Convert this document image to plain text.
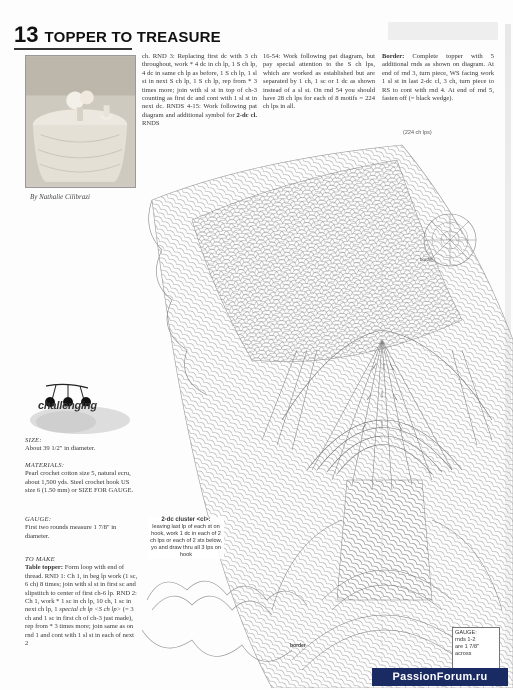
13 TOPPER TO TREASURE
By Nathalie Cilibrazi
ch. RND 3: Replacing first dc with 3 ch throughout, work * 4 dc in ch lp, 1 S ch lp, 4 dc in same ch lp as before, 1 S ch lp, 1 sl st in next S ch lp, 1 S ch lp, rep from * 3 times more; join with sl st in top of ch-3 counting as first dc and cont with 1 sl st in next dc. RNDS 4-15: Work following pat diagram and additional symbol for 2-dc cl. RNDS
16-54: Work following pat diagram, but pay special attention to the S ch lps, which are worked as established but are separated by 1 ch, 1 sc or 1 dc as shown instead of a sl st. On rnd 54 you should have 28 ch lps for each of 8 motifs = 224 ch lps in all.
Border: Complete topper with 5 additional rnds as shown on diagram. At end of rnd 3, turn piece, WS facing work 1 sl st in last 2-dc cl, 3 ch, turn piece to RS to cont with rnd 4. At end of rnd 5, fasten off (= black wedge).
(224 ch lps)
border
challenging
SIZE:
About 39 1/2" in diameter.
MATERIALS:
Pearl crochet cotton size 5, natural ecru, about 1,500 yds. Steel crochet hook US size 6 (1.50 mm) or SIZE FOR GAUGE.
GAUGE:
First two rounds measure 1 7/8" in diameter.
TO MAKE
Table topper: Form loop with end of thread. RND 1: Ch 1, in beg lp work (1 sc, 6 ch) 8 times; join with sl st in first sc and slipstitch to center of first ch-6 lp. RND 2: Ch 1, work * 1 sc in ch lp, 10 ch, 1 sc in next ch lp, 1 special ch lp <S ch lp> (= 3 ch and 1 sc in first ch of ch-3 just made), rep from * 3 times more; join same as on rnd 1 and cont with 1 sl st in each of next 2
2-dc cluster <cl>:
leaving last lp of each st on hook, work 1 dc in each of 2 ch lps or each of 2 sts below, yo and draw thru all 3 lps on hook
border
GAUGE:
rnds 1-2
are 1 7/8"
across
PassionForum.ru
